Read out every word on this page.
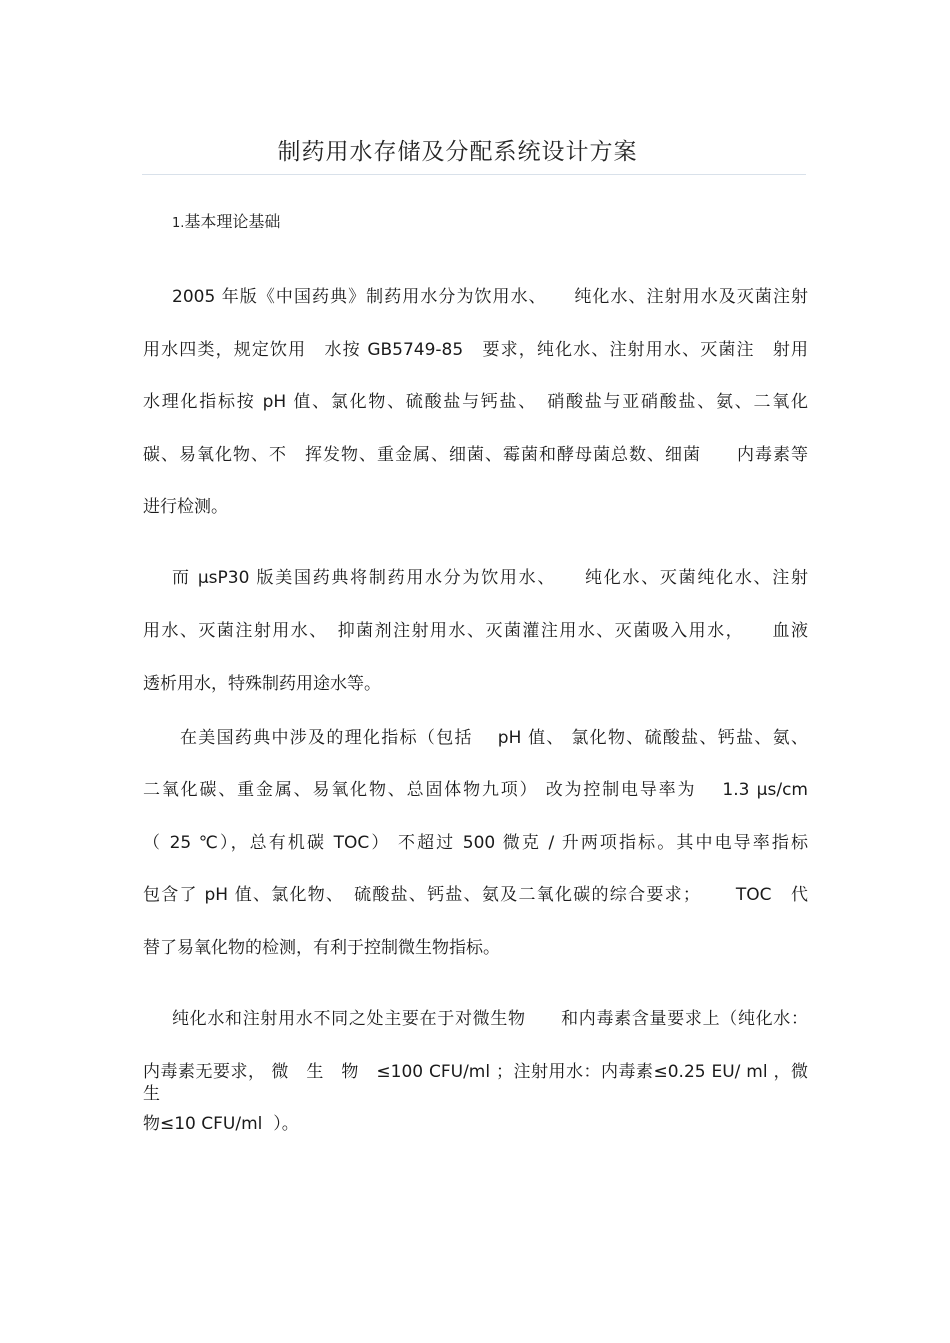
制药用水存储及分配系统设计方案
1.基本理论基础
2005 年版《中国药典》制药用水分为饮用水、　　纯化水、注射用水及灭菌注射
用水四类，规定饮用　水按 GB5749-85　要求，纯化水、注射用水、灭菌注　射用
水理化指标按 pH 值、氯化物、硫酸盐与钙盐、　硝酸盐与亚硝酸盐、氨、二氧化
碳、易氧化物、不　挥发物、重金属、细菌、霉菌和酵母菌总数、细菌　　内毒素等
进行检测。
而 µsP30 版美国药典将制药用水分为饮用水、　　纯化水、灭菌纯化水、注射
用水、灭菌注射用水、　抑菌剂注射用水、灭菌灌注用水、灭菌吸入用水，　　血液
透析用水，特殊制药用途水等。
在美国药典中涉及的理化指标（包括　 pH 值、 氯化物、硫酸盐、钙盐、氨、
二氧化碳、重金属、易氧化物、总固体物九项） 改为控制电导率为　 1.3 µs/cm
（ 25 ℃），总有机碳 TOC） 不超过 500 微克 / 升两项指标。其中电导率指标
包含了 pH 值、氯化物、　硫酸盐、钙盐、氨及二氧化碳的综合要求；　　 TOC　代
替了易氧化物的检测，有利于控制微生物指标。
纯化水和注射用水不同之处主要在于对微生物　　和内毒素含量要求上（纯化水：
内毒素无要求， 微　生　物　≤100 CFU/ml ；注射用水：内毒素≤0.25 EU/ ml ，微生
物≤10 CFU/ml  ）。
